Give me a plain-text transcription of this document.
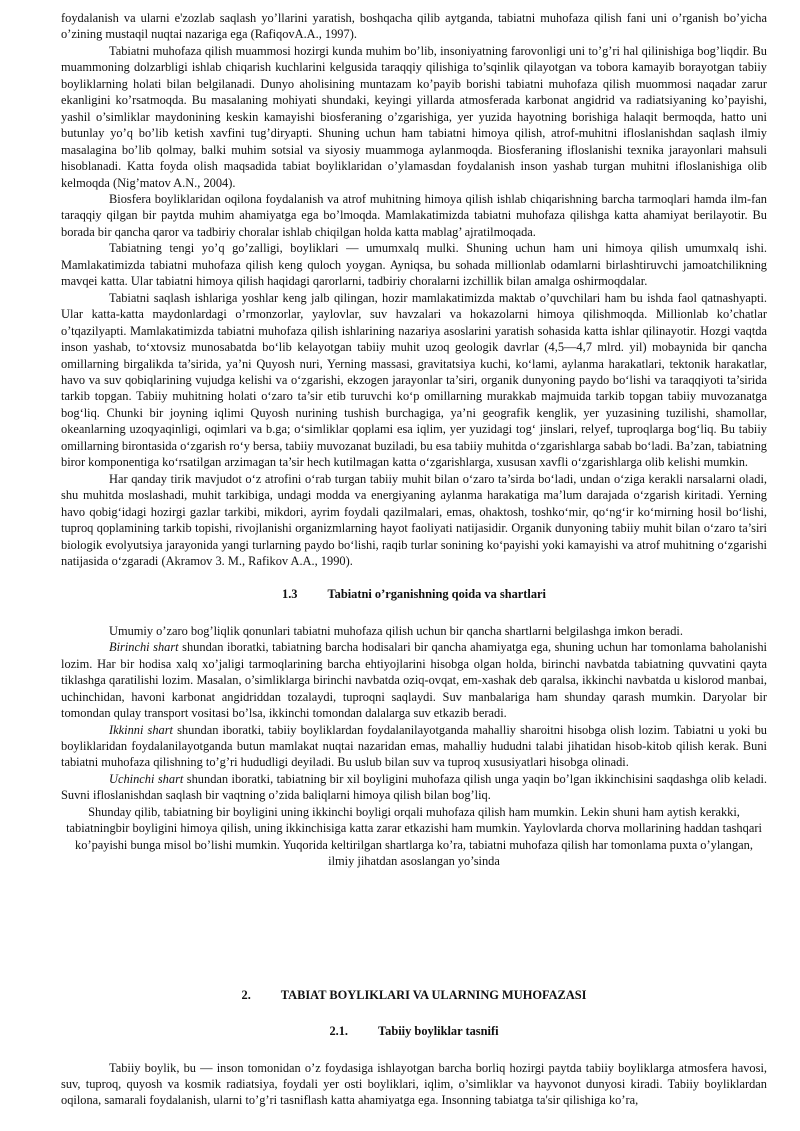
foydalanish va ularni e'zozlab saqlash yo’llarini yaratish, boshqacha qilib aytganda, tabiatni muhofaza qilish fani uni o’rganish bo’yicha o’zining mustaqil nuqtai nazariga ega (RafiqovA.A., 1997).

Tabiatni muhofaza qilish muammosi hozirgi kunda muhim bo’lib, insoniyatning farovonligi uni to’g’ri hal qilinishiga bog’liqdir. Bu muammoning dolzarbligi ishlab chiqarish kuchlarini kelgusida taraqqiy qilishiga to’sqinlik qilayotgan va tobora kamayib borayotgan tabiiy boyliklarning holati bilan belgilanadi. Dunyo aholisining muntazam ko’payib borishi tabiatni muhofaza qilish muommosi naqadar zarur ekanligini ko’rsatmoqda. Bu masalaning mohiyati shundaki, keyingi yillarda atmosferada karbonat angidrid va radiatsiyaning ko’payishi, yashil o’simliklar maydonining keskin kamayishi biosferaning o’zgarishiga, yer yuzida hayotning borishiga halaqit bermoqda, hatto uni butunlay yo’q bo’lib ketish xavfini tug’diryapti. Shuning uchun ham tabiatni himoya qilish, atrof-muhitni ifloslanishdan saqlash ilmiy masalagina bo’lib qolmay, balki muhim sotsial va siyosiy muammoga aylanmoqda. Biosferaning ifloslanishi texnika jarayonlari mahsuli hisoblanadi. Katta foyda olish maqsadida tabiat boyliklaridan o’ylamasdan foydalanish inson yashab turgan muhitni ifloslanishiga olib kelmoqda (Nig’matov A.N., 2004).

Biosfera boyliklaridan oqilona foydalanish va atrof muhitning himoya qilish ishlab chiqarishning barcha tarmoqlari hamda ilm-fan taraqqiy qilgan bir paytda muhim ahamiyatga ega bo’lmoqda. Mamlakatimizda tabiatni muhofaza qilishga katta ahamiyat berilayotir. Bu borada bir qancha qaror va tadbiriy choralar ishlab chiqilgan holda katta mablag’ ajratilmoqada.

Tabiatning tengi yo’q go’zalligi, boyliklari — umumxalq mulki. Shuning uchun ham uni himoya qilish umumxalq ishi. Mamlakatimizda tabiatni muhofaza qilish keng quloch yoygan. Ayniqsa, bu sohada millionlab odamlarni birlashtiruvchi jamoatchilikning mavqei katta. Ular tabiatni himoya qilish haqidagi qarorlarni, tadbiriy choralarni izchillik bilan amalga oshirmoqdalar.

Tabiatni saqlash ishlariga yoshlar keng jalb qilingan, hozir mamlakatimizda maktab o’quvchilari ham bu ishda faol qatnashyapti. Ular katta-katta maydonlardagi o’rmonzorlar, yaylovlar, suv havzalari va hokazolarni himoya qilishmoqda. Millionlab ko’chatlar o’tqazilyapti. Mamlakatimizda tabiatni muhofaza qilish ishlarining nazariya asoslarini yaratish sohasida katta ishlar qilinayotir. Hozgi vaqtda inson yashab, to‘xtovsiz munosabatda bo‘lib kelayotgan tabiiy muhit uzoq geologik davrlar (4,5—4,7 mlrd. yil) mobaynida bir qancha omillarning birgalikda ta’sirida, ya’ni Quyosh nuri, Yerning massasi, gravitatsiya kuchi, ko‘lami, aylanma harakatlari, tektonik harakatlar, havo va suv qobiqlarining vujudga kelishi va o‘zgarishi, ekzogen jarayonlar ta’siri, organik dunyoning paydo bo‘lishi va taraqqiyoti ta’sirida tarkib topgan. Tabiiy muhitning holati o‘zaro ta’sir etib turuvchi ko‘p omillarning murakkab majmuida tarkib topgan tabiiy muvozanatga bog‘liq. Chunki bir joyning iqlimi Quyosh nurining tushish burchagiga, ya’ni geografik kenglik, yer yuzasining tuzilishi, shamollar, okeanlarning uzoqyaqinligi, oqimlari va b.ga; o‘simliklar qoplami esa iqlim, yer yuzidagi tog‘ jinslari, relyef, tuproqlarga bog‘liq. Bu tabiiy omillarning birontasida o‘zgarish ro‘y bersa, tabiiy muvozanat buziladi, bu esa tabiiy muhitda o‘zgarishlarga sabab bo‘ladi. Ba’zan, tabiatning biror komponentiga ko‘rsatilgan arzimagan ta’sir hech kutilmagan katta o‘zgarishlarga, xususan xavfli o‘zgarishlarga olib kelishi mumkin.

Har qanday tirik mavjudot o‘z atrofini o‘rab turgan tabiiy muhit bilan o‘zaro ta’sirda bo‘ladi, undan o‘ziga kerakli narsalarni oladi, shu muhitda moslashadi, muhit tarkibiga, undagi modda va energiyaning aylanma harakatiga ma’lum darajada o‘zgarish kiritadi. Yerning havo qobig‘idagi hozirgi gazlar tarkibi, mikdori, ayrim foydali qazilmalari, emas, ohaktosh, toshko‘mir, qo‘ng‘ir ko‘mirning hosil bo‘lishi, tuproq qoplamining tarkib topishi, rivojlanishi organizmlarning hayot faoliyati natijasidir. Organik dunyoning tabiiy muhit bilan o‘zaro ta’siri biologik evolyutsiya jarayonida yangi turlarning paydo bo‘lishi, raqib turlar sonining ko‘payishi yoki kamayishi va atrof muhitning o‘zgarishi natijasida o‘zgaradi (Akramov 3. M., Rafikov A.A., 1990).

1.3 Tabiatni o’rganishning qoida va shartlari

Umumiy o’zaro bog’liqlik qonunlari tabiatni muhofaza qilish uchun bir qancha shartlarni belgilashga imkon beradi.

Birinchi shart shundan iboratki, tabiatning barcha hodisalari bir qancha ahamiyatga ega, shuning uchun har tomonlama baholanishi lozim. Har bir hodisa xalq xo’jaligi tarmoqlarining barcha ehtiyojlarini hisobga olgan holda, birinchi navbatda tabiatning quvvatini qayta tiklashga qaratilishi lozim. Masalan, o’simliklarga birinchi navbatda oziq-ovqat, em-xashak deb qaralsa, ikkinchi navbatda u kislorod manbai, uchinchidan, havoni karbonat angidriddan tozalaydi, tuproqni saqlaydi. Suv manbalariga ham shunday qarash mumkin. Daryolar bir tomondan qulay transport vositasi bo’lsa, ikkinchi tomondan dalalarga suv etkazib beradi.

Ikkinni shart shundan iboratki, tabiiy boyliklardan foydalanilayotganda mahalliy sharoitni hisobga olish lozim. Tabiatni u yoki bu boyliklaridan foydalanilayotganda butun mamlakat nuqtai nazaridan emas, mahalliy hududni talabi jihatidan hisob-kitob qilish kerak. Buni tabiatni muhofaza qilishning to’g’ri hududligi deyiladi. Bu uslub bilan suv va tuproq xususiyatlari hisobga olinadi.

Uchinchi shart shundan iboratki, tabiatning bir xil boyligini muhofaza qilish unga yaqin bo’lgan ikkinchisini saqdashga olib keladi. Suvni ifloslanishdan saqlash bir vaqtning o’zida baliqlarni himoya qilish bilan bog’liq.

Shunday qilib, tabiatning bir boyligini uning ikkinchi boyligi orqali muhofaza qilish ham mumkin. Lekin shuni ham aytish kerakki, tabiatningbir boyligini himoya qilish, uning ikkinchisiga katta zarar etkazishi ham mumkin. Yaylovlarda chorva mollarining haddan tashqari ko’payishi bunga misol bo’lishi mumkin. Yuqorida keltirilgan shartlarga ko’ra, tabiatni muhofaza qilish har tomonlama puxta o’ylangan, ilmiy jihatdan asoslangan yo’sinda

2. TABIAT BOYLIKLARI VA ULARNING MUHOFAZASI
2.1. Tabiiy boyliklar tasnifi

Tabiiy boylik, bu — inson tomonidan o’z foydasiga ishlayotgan barcha borliq hozirgi paytda tabiiy boyliklarga atmosfera havosi, suv, tuproq, quyosh va kosmik radiatsiya, foydali yer osti boyliklari, iqlim, o’simliklar va hayvonot dunyosi kiradi. Tabiiy boyliklardan oqilona, samarali foydalanish, ularni to’g’ri tasniflash katta ahamiyatga ega. Insonning tabiatga ta'sir qilishiga ko’ra,
